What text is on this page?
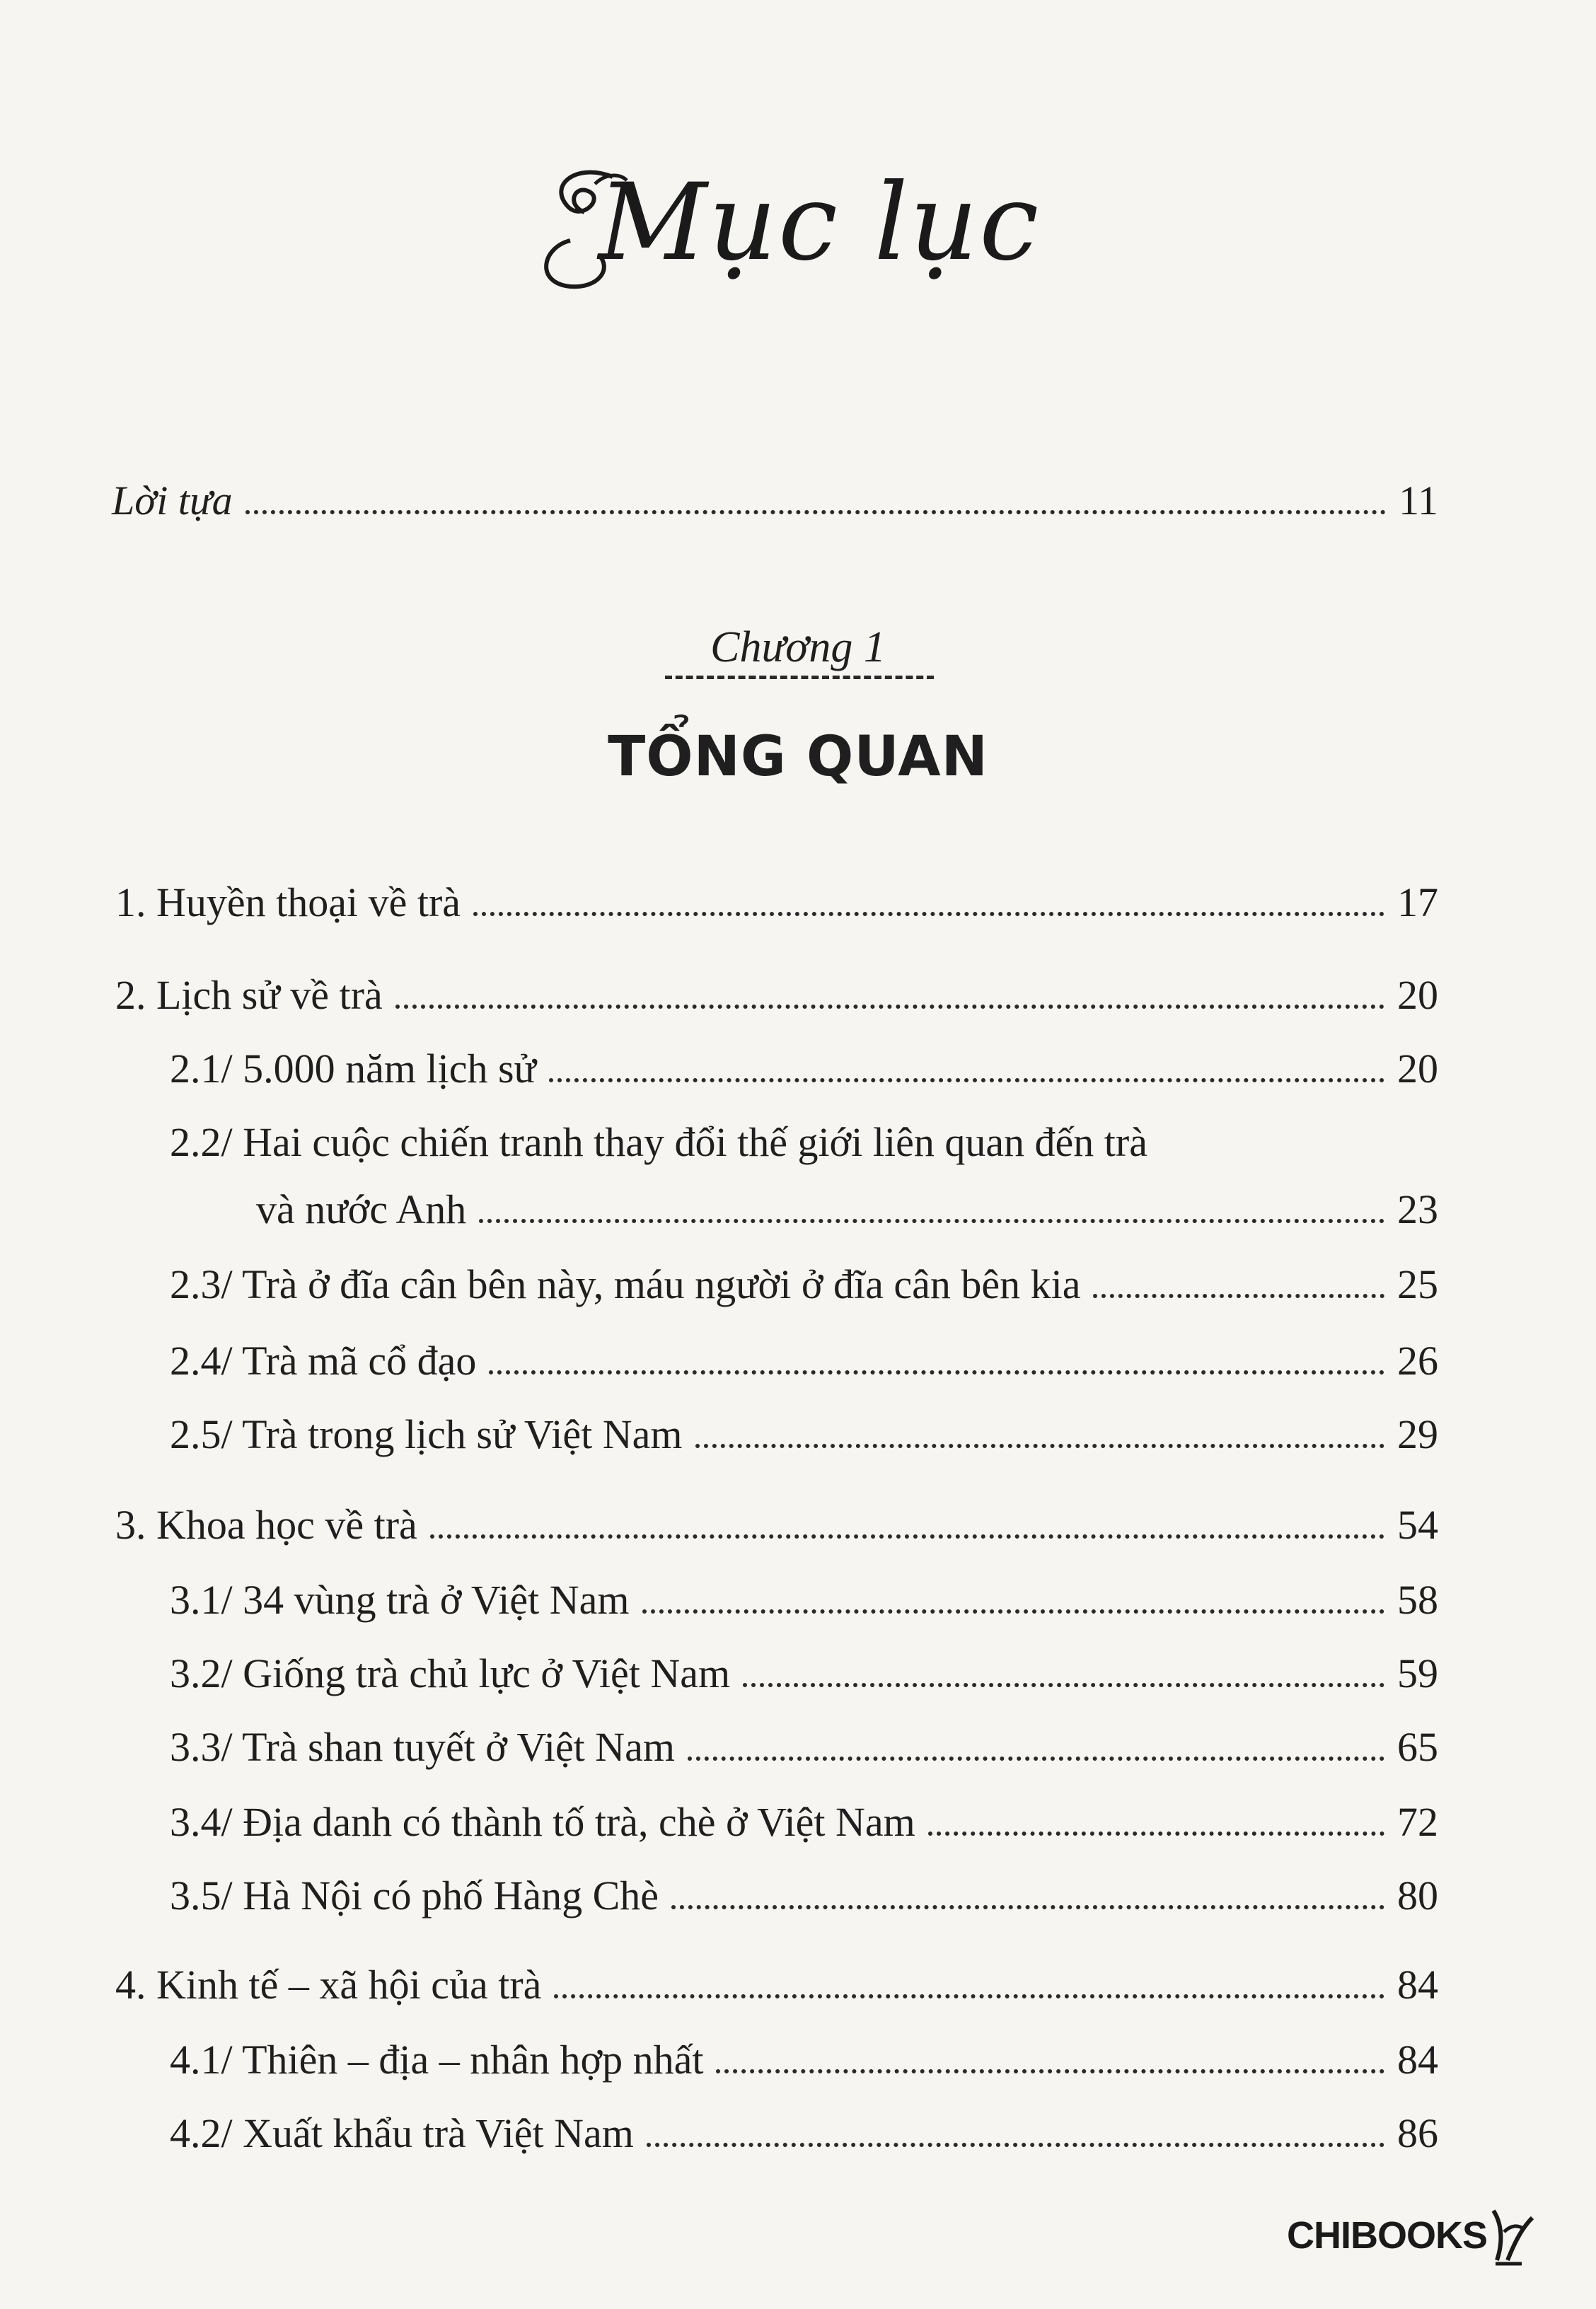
Mục lục
Lời tựa	11
Chương 1
TỔNG QUAN
1. Huyền thoại về trà	17
2. Lịch sử về trà	20
2.1/ 5.000 năm lịch sử	20
2.2/ Hai cuộc chiến tranh thay đổi thế giới liên quan đến trà
và nước Anh	23
2.3/ Trà ở đĩa cân bên này, máu người ở đĩa cân bên kia	25
2.4/ Trà mã cổ đạo	26
2.5/ Trà trong lịch sử Việt Nam	29
3. Khoa học về trà	54
3.1/ 34 vùng trà ở Việt Nam	58
3.2/ Giống trà chủ lực ở Việt Nam	59
3.3/ Trà shan tuyết ở Việt Nam	65
3.4/ Địa danh có thành tố trà, chè ở Việt Nam	72
3.5/ Hà Nội có phố Hàng Chè	80
4. Kinh tế – xã hội của trà	84
4.1/ Thiên – địa – nhân hợp nhất	84
4.2/ Xuất khẩu trà Việt Nam	86
CHIBOOKS
